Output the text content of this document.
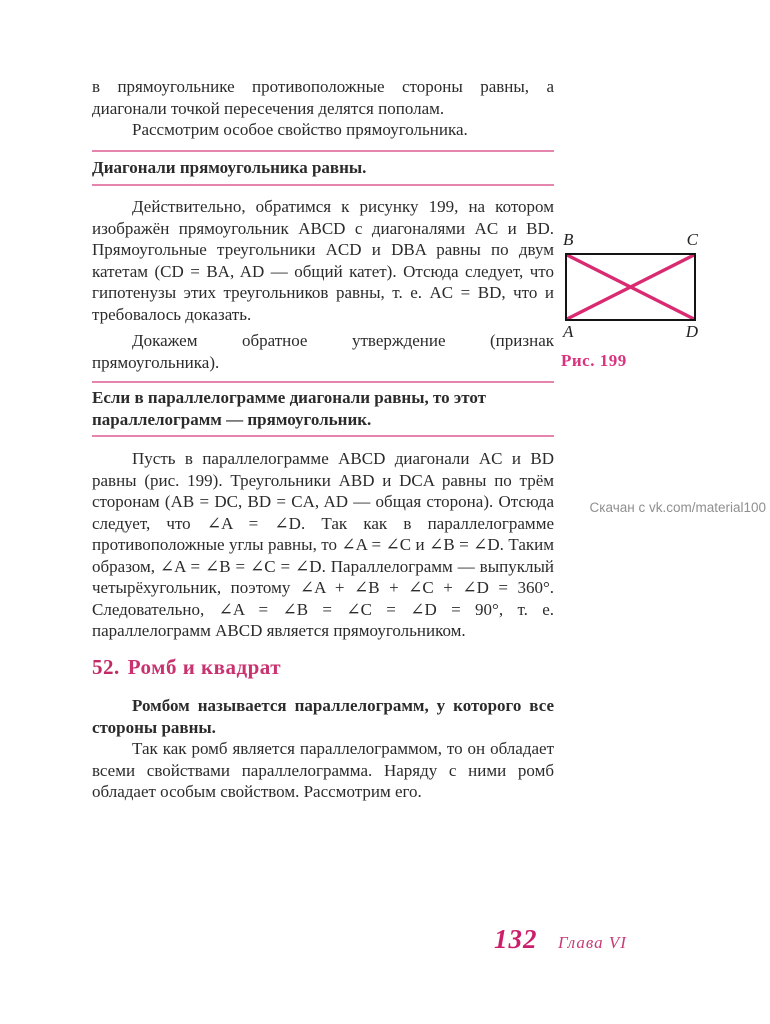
в прямоугольнике противоположные стороны равны, а диагонали точкой пересечения делятся пополам.

Рассмотрим особое свойство прямоугольника.

Диагонали прямоугольника равны.

Действительно, обратимся к рисунку 199, на котором изображён прямоугольник ABCD с диагоналями AC и BD. Прямоугольные треугольники ACD и DBA равны по двум катетам (CD = BA, AD — общий катет). Отсюда следует, что гипотенузы этих треугольников равны, т. е. AC = BD, что и требовалось доказать.

Докажем обратное утверждение (признак прямоугольника).

Если в параллелограмме диагонали равны, то этот параллелограмм — прямоугольник.

Пусть в параллелограмме ABCD диагонали AC и BD равны (рис. 199). Треугольники ABD и DCA равны по трём сторонам (AB = DC, BD = CA, AD — общая сторона). Отсюда следует, что ∠A = ∠D. Так как в параллелограмме противоположные углы равны, то ∠A = ∠C и ∠B = ∠D. Таким образом, ∠A = ∠B = ∠C = ∠D. Параллелограмм — выпуклый четырёхугольник, поэтому ∠A + ∠B + ∠C + ∠D = 360°. Следовательно, ∠A = ∠B = ∠C = ∠D = 90°, т. е. параллелограмм ABCD является прямоугольником.

52. Ромб и квадрат

Ромбом называется параллелограмм, у которого все стороны равны.

Так как ромб является параллелограммом, то он обладает всеми свойствами параллелограмма. Наряду с ними ромб обладает особым свойством. Рассмотрим его.

B	C
A	D
Рис. 199
Скачан с vk.com/material100
132 Глава VI
